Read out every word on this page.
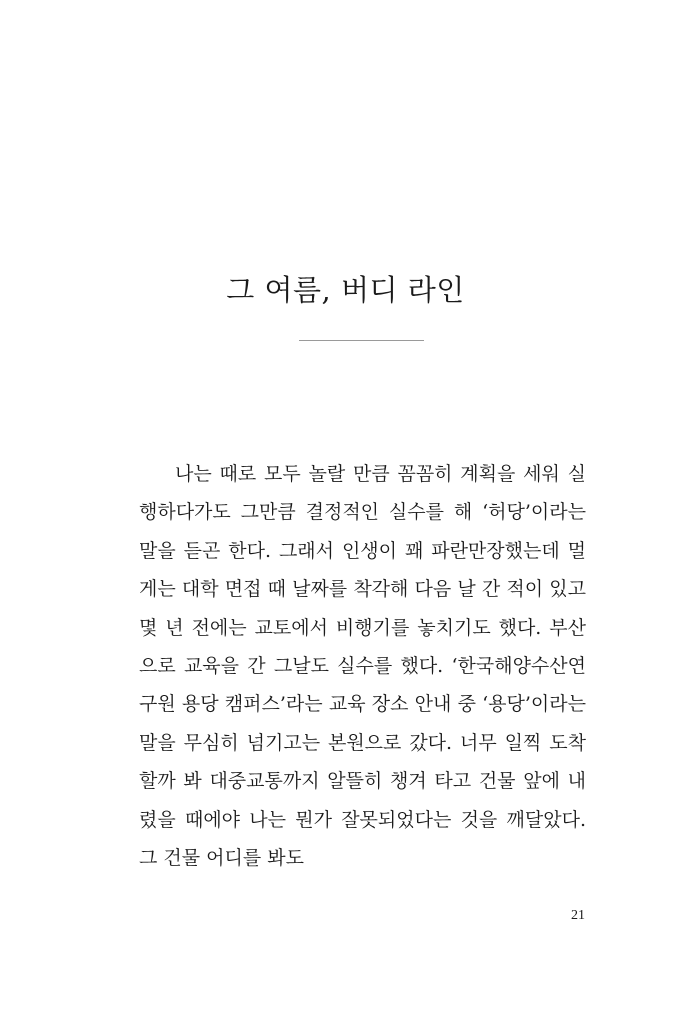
그 여름, 버디 라인

나는 때로 모두 놀랄 만큼 꼼꼼히 계획을 세워 실행하다가도 그만큼 결정적인 실수를 해 ‘허당’이라는 말을 듣곤 한다. 그래서 인생이 꽤 파란만장했는데 멀게는 대학 면접 때 날짜를 착각해 다음 날 간 적이 있고 몇 년 전에는 교토에서 비행기를 놓치기도 했다. 부산으로 교육을 간 그날도 실수를 했다. ‘한국해양수산연구원 용당 캠퍼스’라는 교육 장소 안내 중 ‘용당’이라는 말을 무심히 넘기고는 본원으로 갔다. 너무 일찍 도착할까 봐 대중교통까지 알뜰히 챙겨 타고 건물 앞에 내렸을 때에야 나는 뭔가 잘못되었다는 것을 깨달았다. 그 건물 어디를 봐도

21
